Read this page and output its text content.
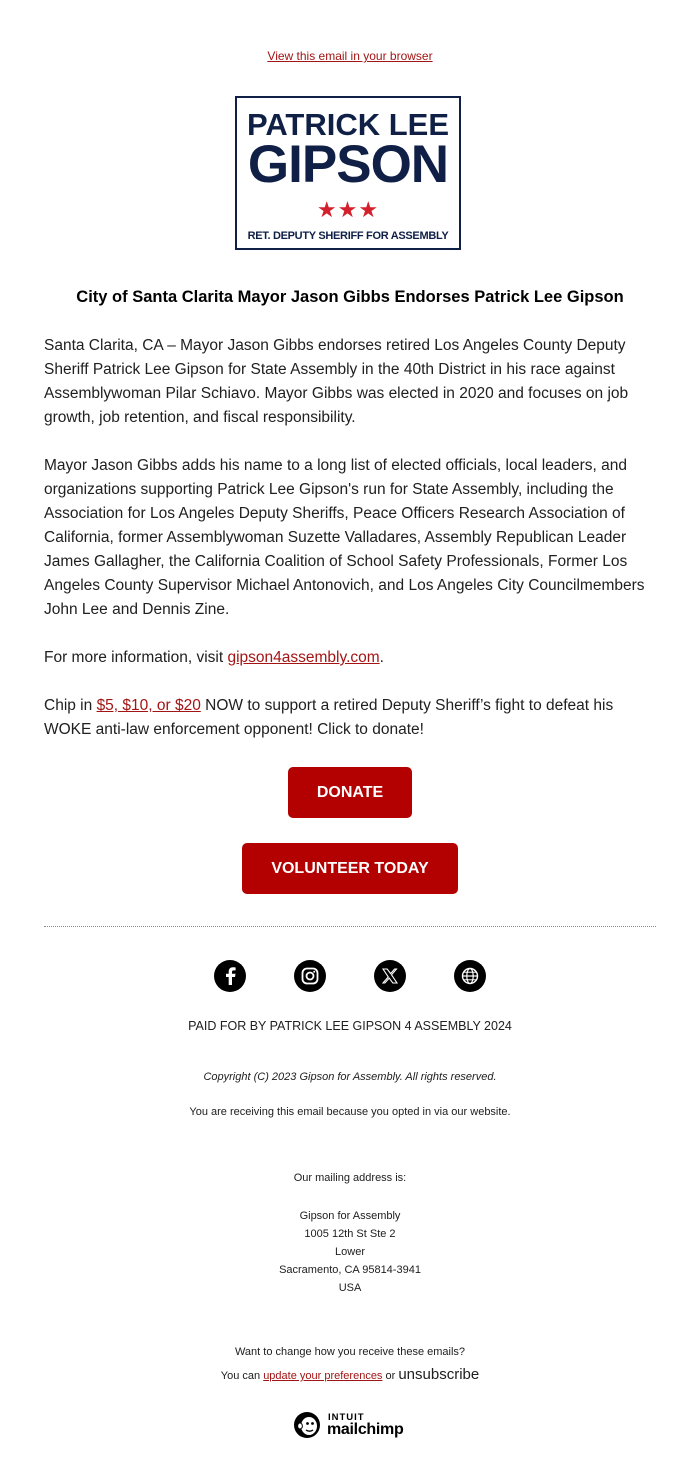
View this email in your browser
PATRICK LEE
GIPSON
★★★
RET. DEPUTY SHERIFF FOR ASSEMBLY
City of Santa Clarita Mayor Jason Gibbs Endorses Patrick Lee Gipson

Santa Clarita, CA – Mayor Jason Gibbs endorses retired Los Angeles County Deputy Sheriff Patrick Lee Gipson for State Assembly in the 40th District in his race against Assemblywoman Pilar Schiavo. Mayor Gibbs was elected in 2020 and focuses on job growth, job retention, and fiscal responsibility.

Mayor Jason Gibbs adds his name to a long list of elected officials, local leaders, and organizations supporting Patrick Lee Gipson's run for State Assembly, including the Association for Los Angeles Deputy Sheriffs, Peace Officers Research Association of California, former Assemblywoman Suzette Valladares, Assembly Republican Leader James Gallagher, the California Coalition of School Safety Professionals, Former Los Angeles County Supervisor Michael Antonovich, and Los Angeles City Councilmembers John Lee and Dennis Zine.

For more information, visit gipson4assembly.com.

Chip in $5, $10, or $20 NOW to support a retired Deputy Sheriff’s fight to defeat his WOKE anti-law enforcement opponent! Click to donate!

DONATE
VOLUNTEER TODAY
PAID FOR BY PATRICK LEE GIPSON 4 ASSEMBLY 2024
Copyright (C) 2023 Gipson for Assembly. All rights reserved.
You are receiving this email because you opted in via our website.
Our mailing address is:
Gipson for Assembly
1005 12th St Ste 2
Lower
Sacramento, CA 95814-3941
USA
Want to change how you receive these emails?
You can update your preferences or unsubscribe
INTUIT
mailchimp
